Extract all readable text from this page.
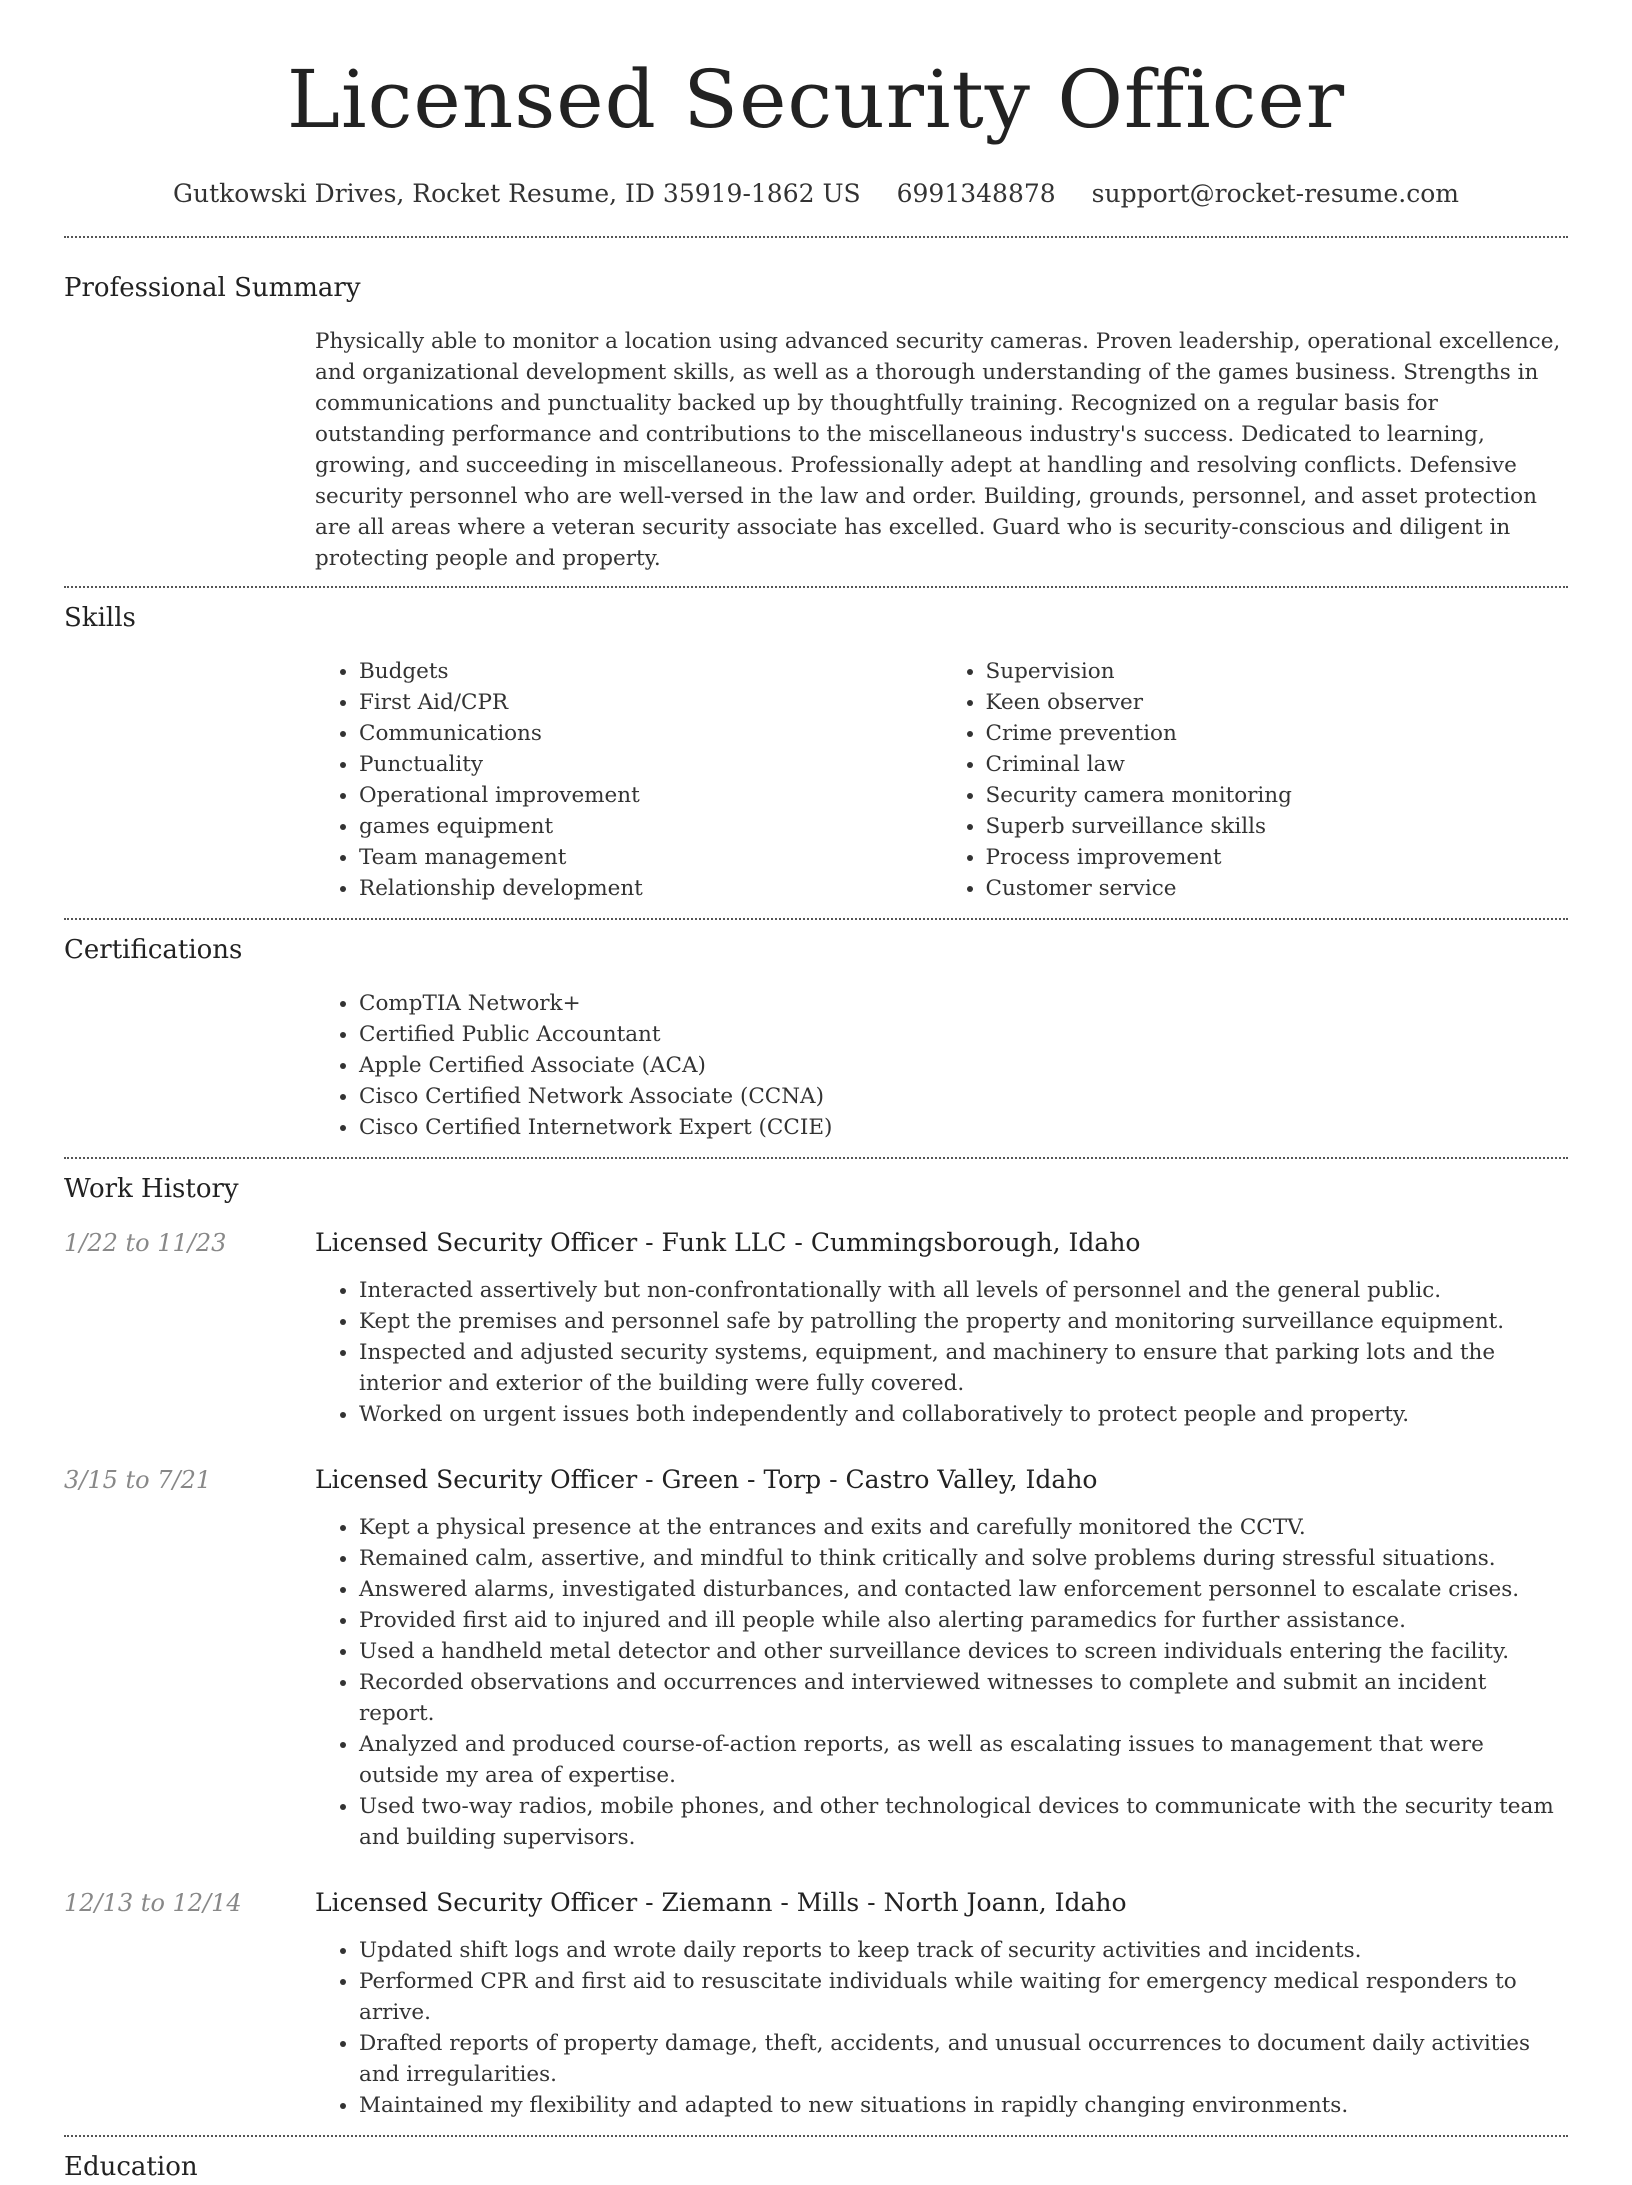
Licensed Security Officer
Gutkowski Drives, Rocket Resume, ID 35919-1862 US 6991348878 support@rocket-resume.com
Professional Summary

Physically able to monitor a location using advanced security cameras. Proven leadership, operational excellence, and organizational development skills, as well as a thorough understanding of the games business. Strengths in communications and punctuality backed up by thoughtfully training. Recognized on a regular basis for outstanding performance and contributions to the miscellaneous industry's success. Dedicated to learning, growing, and succeeding in miscellaneous. Professionally adept at handling and resolving conflicts. Defensive security personnel who are well-versed in the law and order. Building, grounds, personnel, and asset protection are all areas where a veteran security associate has excelled. Guard who is security-conscious and diligent in protecting people and property.

Skills
• Budgets
• First Aid/CPR
• Communications
• Punctuality
• Operational improvement
• games equipment
• Team management
• Relationship development
• Supervision
• Keen observer
• Crime prevention
• Criminal law
• Security camera monitoring
• Superb surveillance skills
• Process improvement
• Customer service
Certifications
• CompTIA Network+
• Certified Public Accountant
• Apple Certified Associate (ACA)
• Cisco Certified Network Associate (CCNA)
• Cisco Certified Internetwork Expert (CCIE)
Work History
1/22 to 11/23	Licensed Security Officer - Funk LLC - Cummingsborough, Idaho
• Interacted assertively but non-confrontationally with all levels of personnel and the general public.
• Kept the premises and personnel safe by patrolling the property and monitoring surveillance equipment.
• Inspected and adjusted security systems, equipment, and machinery to ensure that parking lots and the interior and exterior of the building were fully covered.
• Worked on urgent issues both independently and collaboratively to protect people and property.
3/15 to 7/21	Licensed Security Officer - Green - Torp - Castro Valley, Idaho
• Kept a physical presence at the entrances and exits and carefully monitored the CCTV.
• Remained calm, assertive, and mindful to think critically and solve problems during stressful situations.
• Answered alarms, investigated disturbances, and contacted law enforcement personnel to escalate crises.
• Provided first aid to injured and ill people while also alerting paramedics for further assistance.
• Used a handheld metal detector and other surveillance devices to screen individuals entering the facility.
• Recorded observations and occurrences and interviewed witnesses to complete and submit an incident report.
• Analyzed and produced course-of-action reports, as well as escalating issues to management that were outside my area of expertise.
• Used two-way radios, mobile phones, and other technological devices to communicate with the security team and building supervisors.
12/13 to 12/14	Licensed Security Officer - Ziemann - Mills - North Joann, Idaho
• Updated shift logs and wrote daily reports to keep track of security activities and incidents.
• Performed CPR and first aid to resuscitate individuals while waiting for emergency medical responders to arrive.
• Drafted reports of property damage, theft, accidents, and unusual occurrences to document daily activities and irregularities.
• Maintained my flexibility and adapted to new situations in rapidly changing environments.
Education
